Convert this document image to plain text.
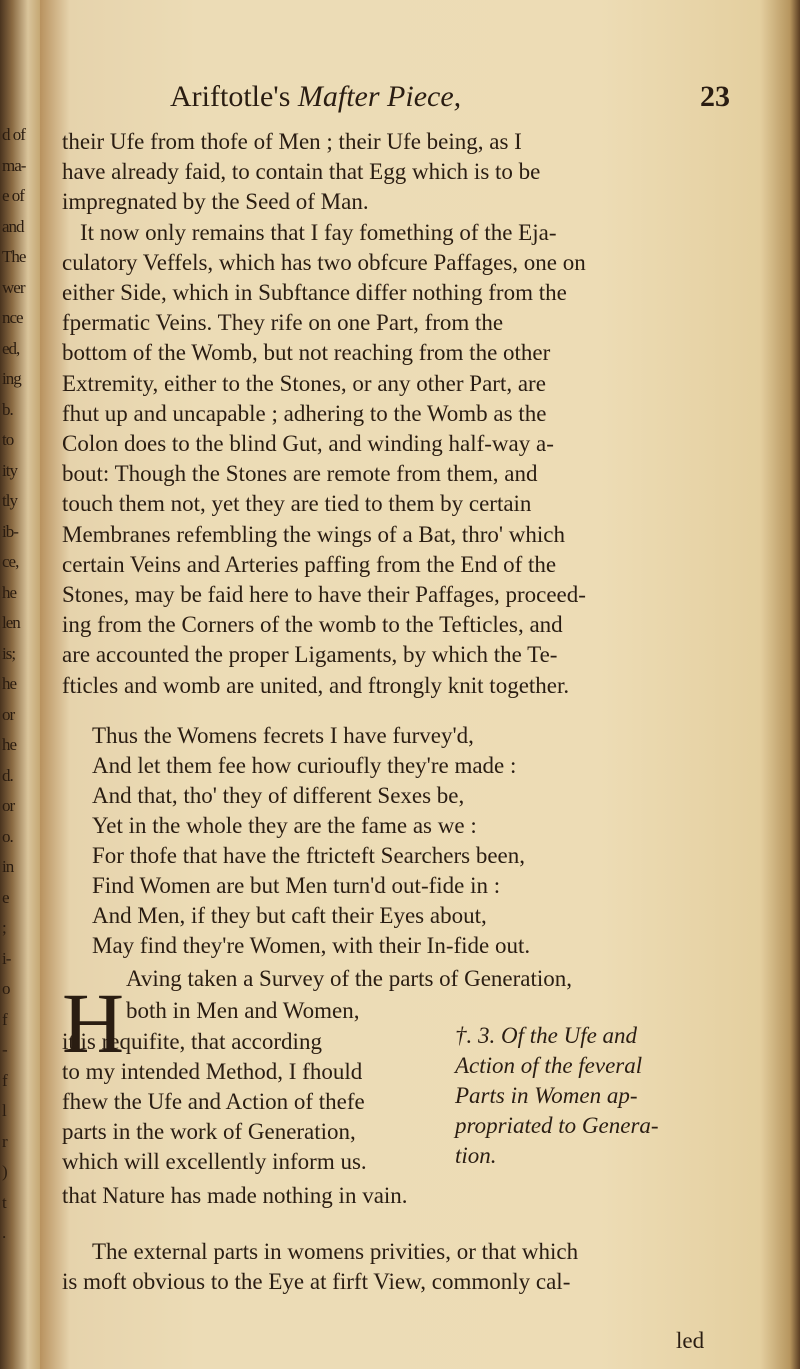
d of
ma-
e of
and
The
wer
nce
ed,
ing
b.
to
ity
tly
ib-
ce,
he
len
is;
he
or
he
d.
or
o.
in
e
;
i-
o
f
-
f
l
r
)
t
.
Ariftotle's Mafter Piece,	23
their Ufe from thofe of Men ; their Ufe being, as I
have already faid, to contain that Egg which is to be
impregnated by the Seed of Man.
It now only remains that I fay fomething of the Eja-
culatory Veffels, which has two obfcure Paffages, one on
either Side, which in Subftance differ nothing from the
fpermatic Veins. They rife on one Part, from the
bottom of the Womb, but not reaching from the other
Extremity, either to the Stones, or any other Part, are
fhut up and uncapable ; adhering to the Womb as the
Colon does to the blind Gut, and winding half-way a-
bout: Though the Stones are remote from them, and
touch them not, yet they are tied to them by certain
Membranes refembling the wings of a Bat, thro' which
certain Veins and Arteries paffing from the End of the
Stones, may be faid here to have their Paffages, proceed-
ing from the Corners of the womb to the Tefticles, and
are accounted the proper Ligaments, by which the Te-
fticles and womb are united, and ftrongly knit together.
Thus the Womens fecrets I have furvey'd,
And let them fee how curioufly they're made :
And that, tho' they of different Sexes be,
Yet in the whole they are the fame as we :
For thofe that have the ftricteft Searchers been,
Find Women are but Men turn'd out-fide in :
And Men, if they but caft their Eyes about,
May find they're Women, with their In-fide out.
H Aving taken a Survey of the parts of Generation,
both in Men and Women,
it is requifite, that according
to my intended Method, I fhould
fhew the Ufe and Action of thefe
parts in the work of Generation,
which will excellently inform us.
that Nature has made nothing in vain.
†. 3. Of the Ufe and
Action of the feveral
Parts in Women ap-
propriated to Genera-
tion.
The external parts in womens privities, or that which
is moft obvious to the Eye at firft View, commonly cal-
led
